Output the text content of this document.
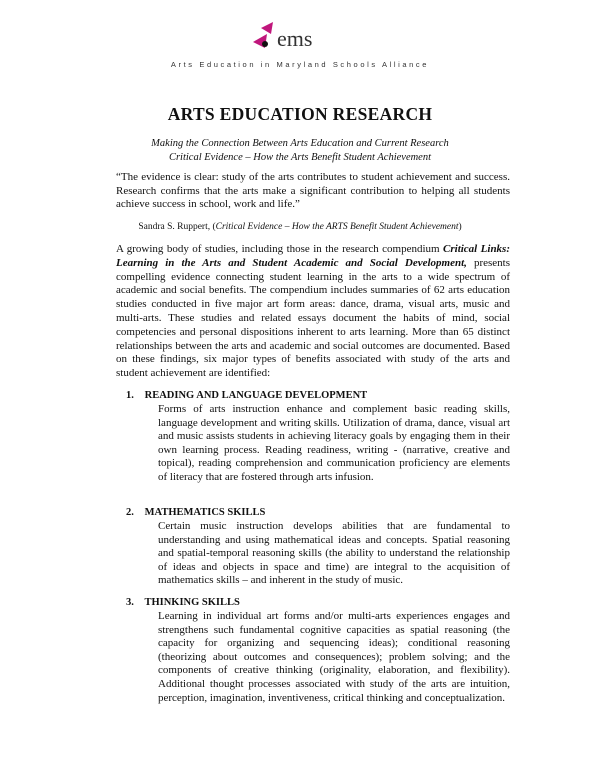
ems
Arts Education in Maryland Schools Alliance
ARTS EDUCATION RESEARCH
Making the Connection Between Arts Education and Current Research
Critical Evidence – How the Arts Benefit Student Achievement
“The evidence is clear: study of the arts contributes to student achievement and success. Research confirms that the arts make a significant contribution to helping all students achieve success in school, work and life.”
Sandra S. Ruppert, (Critical Evidence – How the ARTS Benefit Student Achievement)
A growing body of studies, including those in the research compendium Critical Links: Learning in the Arts and Student Academic and Social Development, presents compelling evidence connecting student learning in the arts to a wide spectrum of academic and social benefits. The compendium includes summaries of 62 arts education studies conducted in five major art form areas: dance, drama, visual arts, music and multi-arts. These studies and related essays document the habits of mind, social competencies and personal dispositions inherent to arts learning. More than 65 distinct relationships between the arts and academic and social outcomes are documented. Based on these findings, six major types of benefits associated with study of the arts and student achievement are identified:
1. READING AND LANGUAGE DEVELOPMENT
Forms of arts instruction enhance and complement basic reading skills, language development and writing skills. Utilization of drama, dance, visual art and music assists students in achieving literacy goals by engaging them in their own learning process. Reading readiness, writing - (narrative, creative and topical), reading comprehension and communication proficiency are elements of literacy that are fostered through arts infusion.
2. MATHEMATICS SKILLS
Certain music instruction develops abilities that are fundamental to understanding and using mathematical ideas and concepts. Spatial reasoning and spatial-temporal reasoning skills (the ability to understand the relationship of ideas and objects in space and time) are integral to the acquisition of mathematics skills – and inherent in the study of music.
3. THINKING SKILLS
Learning in individual art forms and/or multi-arts experiences engages and strengthens such fundamental cognitive capacities as spatial reasoning (the capacity for organizing and sequencing ideas); conditional reasoning (theorizing about outcomes and consequences); problem solving; and the components of creative thinking (originality, elaboration, and flexibility). Additional thought processes associated with study of the arts are intuition, perception, imagination, inventiveness, critical thinking and conceptualization.
